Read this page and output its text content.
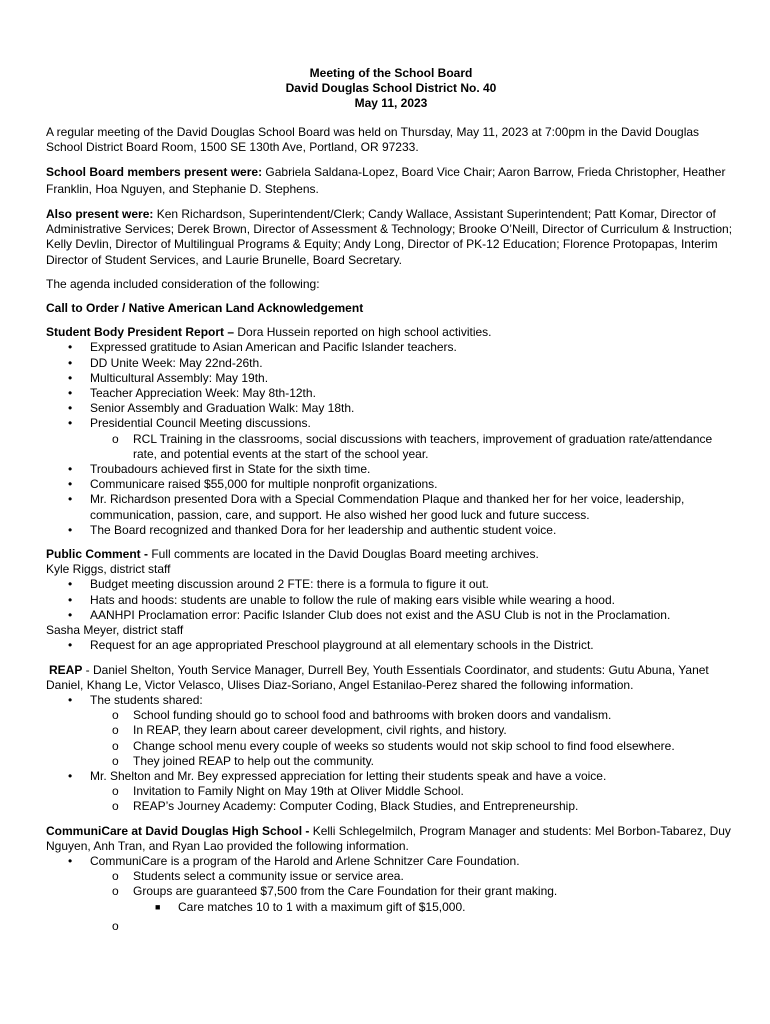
Meeting of the School Board
David Douglas School District No. 40
May 11, 2023

A regular meeting of the David Douglas School Board was held on Thursday, May 11, 2023 at 7:00pm in the David Douglas School District Board Room, 1500 SE 130th Ave, Portland, OR 97233.

School Board members present were: Gabriela Saldana-Lopez, Board Vice Chair; Aaron Barrow, Frieda Christopher, Heather Franklin, Hoa Nguyen, and Stephanie D. Stephens.

Also present were: Ken Richardson, Superintendent/Clerk; Candy Wallace, Assistant Superintendent; Patt Komar, Director of Administrative Services; Derek Brown, Director of Assessment & Technology; Brooke O’Neill, Director of Curriculum & Instruction; Kelly Devlin, Director of Multilingual Programs & Equity; Andy Long, Director of PK-12 Education; Florence Protopapas, Interim Director of Student Services, and Laurie Brunelle, Board Secretary.

The agenda included consideration of the following:

Call to Order / Native American Land Acknowledgement

Student Body President Report – Dora Hussein reported on high school activities.
• Expressed gratitude to Asian American and Pacific Islander teachers.
• DD Unite Week: May 22nd-26th.
• Multicultural Assembly: May 19th.
• Teacher Appreciation Week: May 8th-12th.
• Senior Assembly and Graduation Walk: May 18th.
• Presidential Council Meeting discussions.
o RCL Training in the classrooms, social discussions with teachers, improvement of graduation rate/attendance rate, and potential events at the start of the school year.
• Troubadours achieved first in State for the sixth time.
• Communicare raised $55,000 for multiple nonprofit organizations.
• Mr. Richardson presented Dora with a Special Commendation Plaque and thanked her for her voice, leadership, communication, passion, care, and support. He also wished her good luck and future success.
• The Board recognized and thanked Dora for her leadership and authentic student voice.
Public Comment - Full comments are located in the David Douglas Board meeting archives.
Kyle Riggs, district staff
• Budget meeting discussion around 2 FTE: there is a formula to figure it out.
• Hats and hoods: students are unable to follow the rule of making ears visible while wearing a hood.
• AANHPI Proclamation error: Pacific Islander Club does not exist and the ASU Club is not in the Proclamation.
Sasha Meyer, district staff
• Request for an age appropriated Preschool playground at all elementary schools in the District.
REAP - Daniel Shelton, Youth Service Manager, Durrell Bey, Youth Essentials Coordinator, and students: Gutu Abuna, Yanet Daniel, Khang Le, Victor Velasco, Ulises Diaz-Soriano, Angel Estanilao-Perez shared the following information.
• The students shared:
o School funding should go to school food and bathrooms with broken doors and vandalism.
o In REAP, they learn about career development, civil rights, and history.
o Change school menu every couple of weeks so students would not skip school to find food elsewhere.
o They joined REAP to help out the community.
• Mr. Shelton and Mr. Bey expressed appreciation for letting their students speak and have a voice.
o Invitation to Family Night on May 19th at Oliver Middle School.
o REAP’s Journey Academy: Computer Coding, Black Studies, and Entrepreneurship.
CommuniCare at David Douglas High School - Kelli Schlegelmilch, Program Manager and students: Mel Borbon-Tabarez, Duy Nguyen, Anh Tran, and Ryan Lao provided the following information.
• CommuniCare is a program of the Harold and Arlene Schnitzer Care Foundation.
o Students select a community issue or service area.
o Groups are guaranteed $7,500 from the Care Foundation for their grant making.
■ Care matches 10 to 1 with a maximum gift of $15,000.
o
